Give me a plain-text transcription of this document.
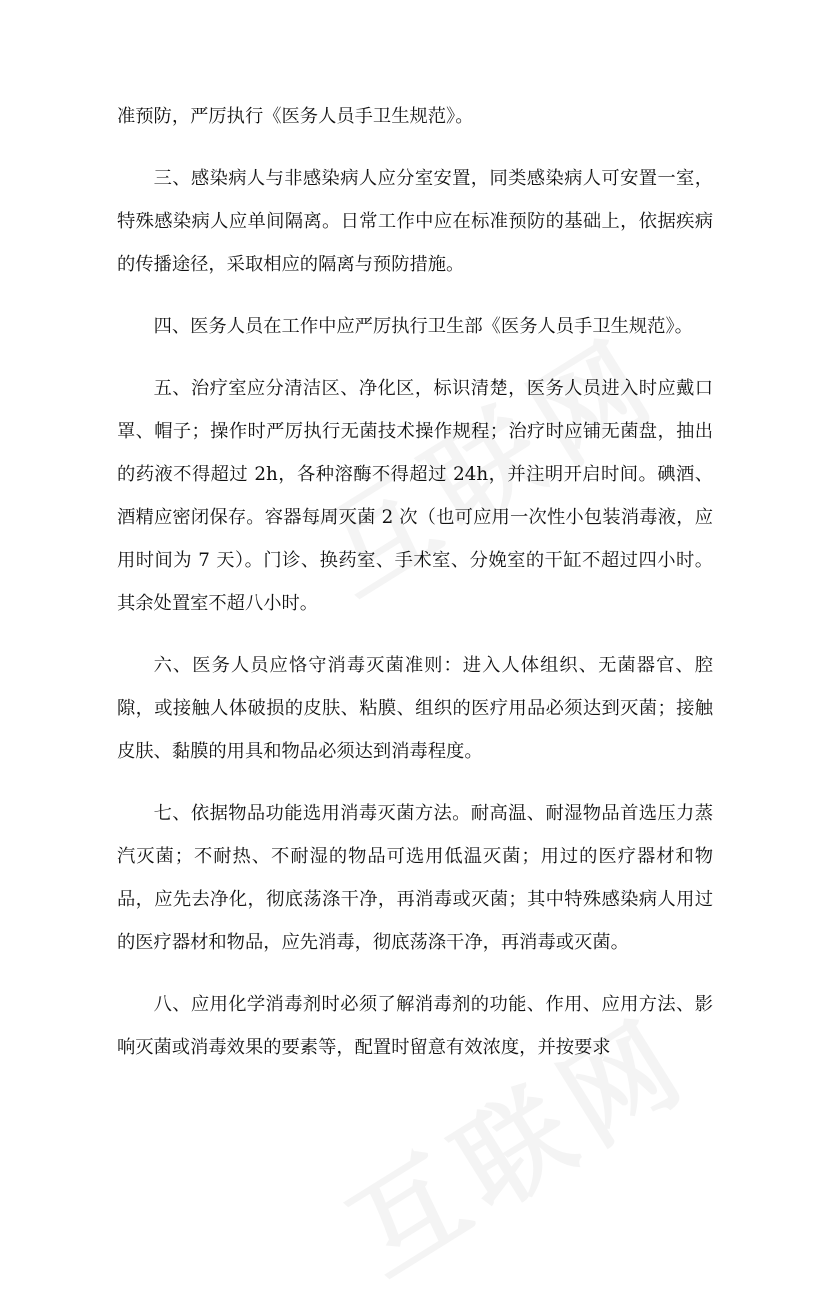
准预防，严厉执行《医务人员手卫生规范》。

三、感染病人与非感染病人应分室安置，同类感染病人可安置一室，特殊感染病人应单间隔离。日常工作中应在标准预防的基础上，依据疾病的传播途径，采取相应的隔离与预防措施。

四、医务人员在工作中应严厉执行卫生部《医务人员手卫生规范》。

五、治疗室应分清洁区、净化区，标识清楚，医务人员进入时应戴口罩、帽子；操作时严厉执行无菌技术操作规程；治疗时应铺无菌盘，抽出的药液不得超过 2h，各种溶酶不得超过 24h，并注明开启时间。碘酒、酒精应密闭保存。容器每周灭菌 2 次（也可应用一次性小包装消毒液，应用时间为 7 天）。门诊、换药室、手术室、分娩室的干缸不超过四小时。其余处置室不超八小时。

六、医务人员应恪守消毒灭菌准则：进入人体组织、无菌器官、腔隙，或接触人体破损的皮肤、粘膜、组织的医疗用品必须达到灭菌；接触皮肤、黏膜的用具和物品必须达到消毒程度。

七、依据物品功能选用消毒灭菌方法。耐高温、耐湿物品首选压力蒸汽灭菌；不耐热、不耐湿的物品可选用低温灭菌；用过的医疗器材和物品，应先去净化，彻底荡涤干净，再消毒或灭菌；其中特殊感染病人用过的医疗器材和物品，应先消毒，彻底荡涤干净，再消毒或灭菌。

八、应用化学消毒剂时必须了解消毒剂的功能、作用、应用方法、影响灭菌或消毒效果的要素等，配置时留意有效浓度，并按要求
